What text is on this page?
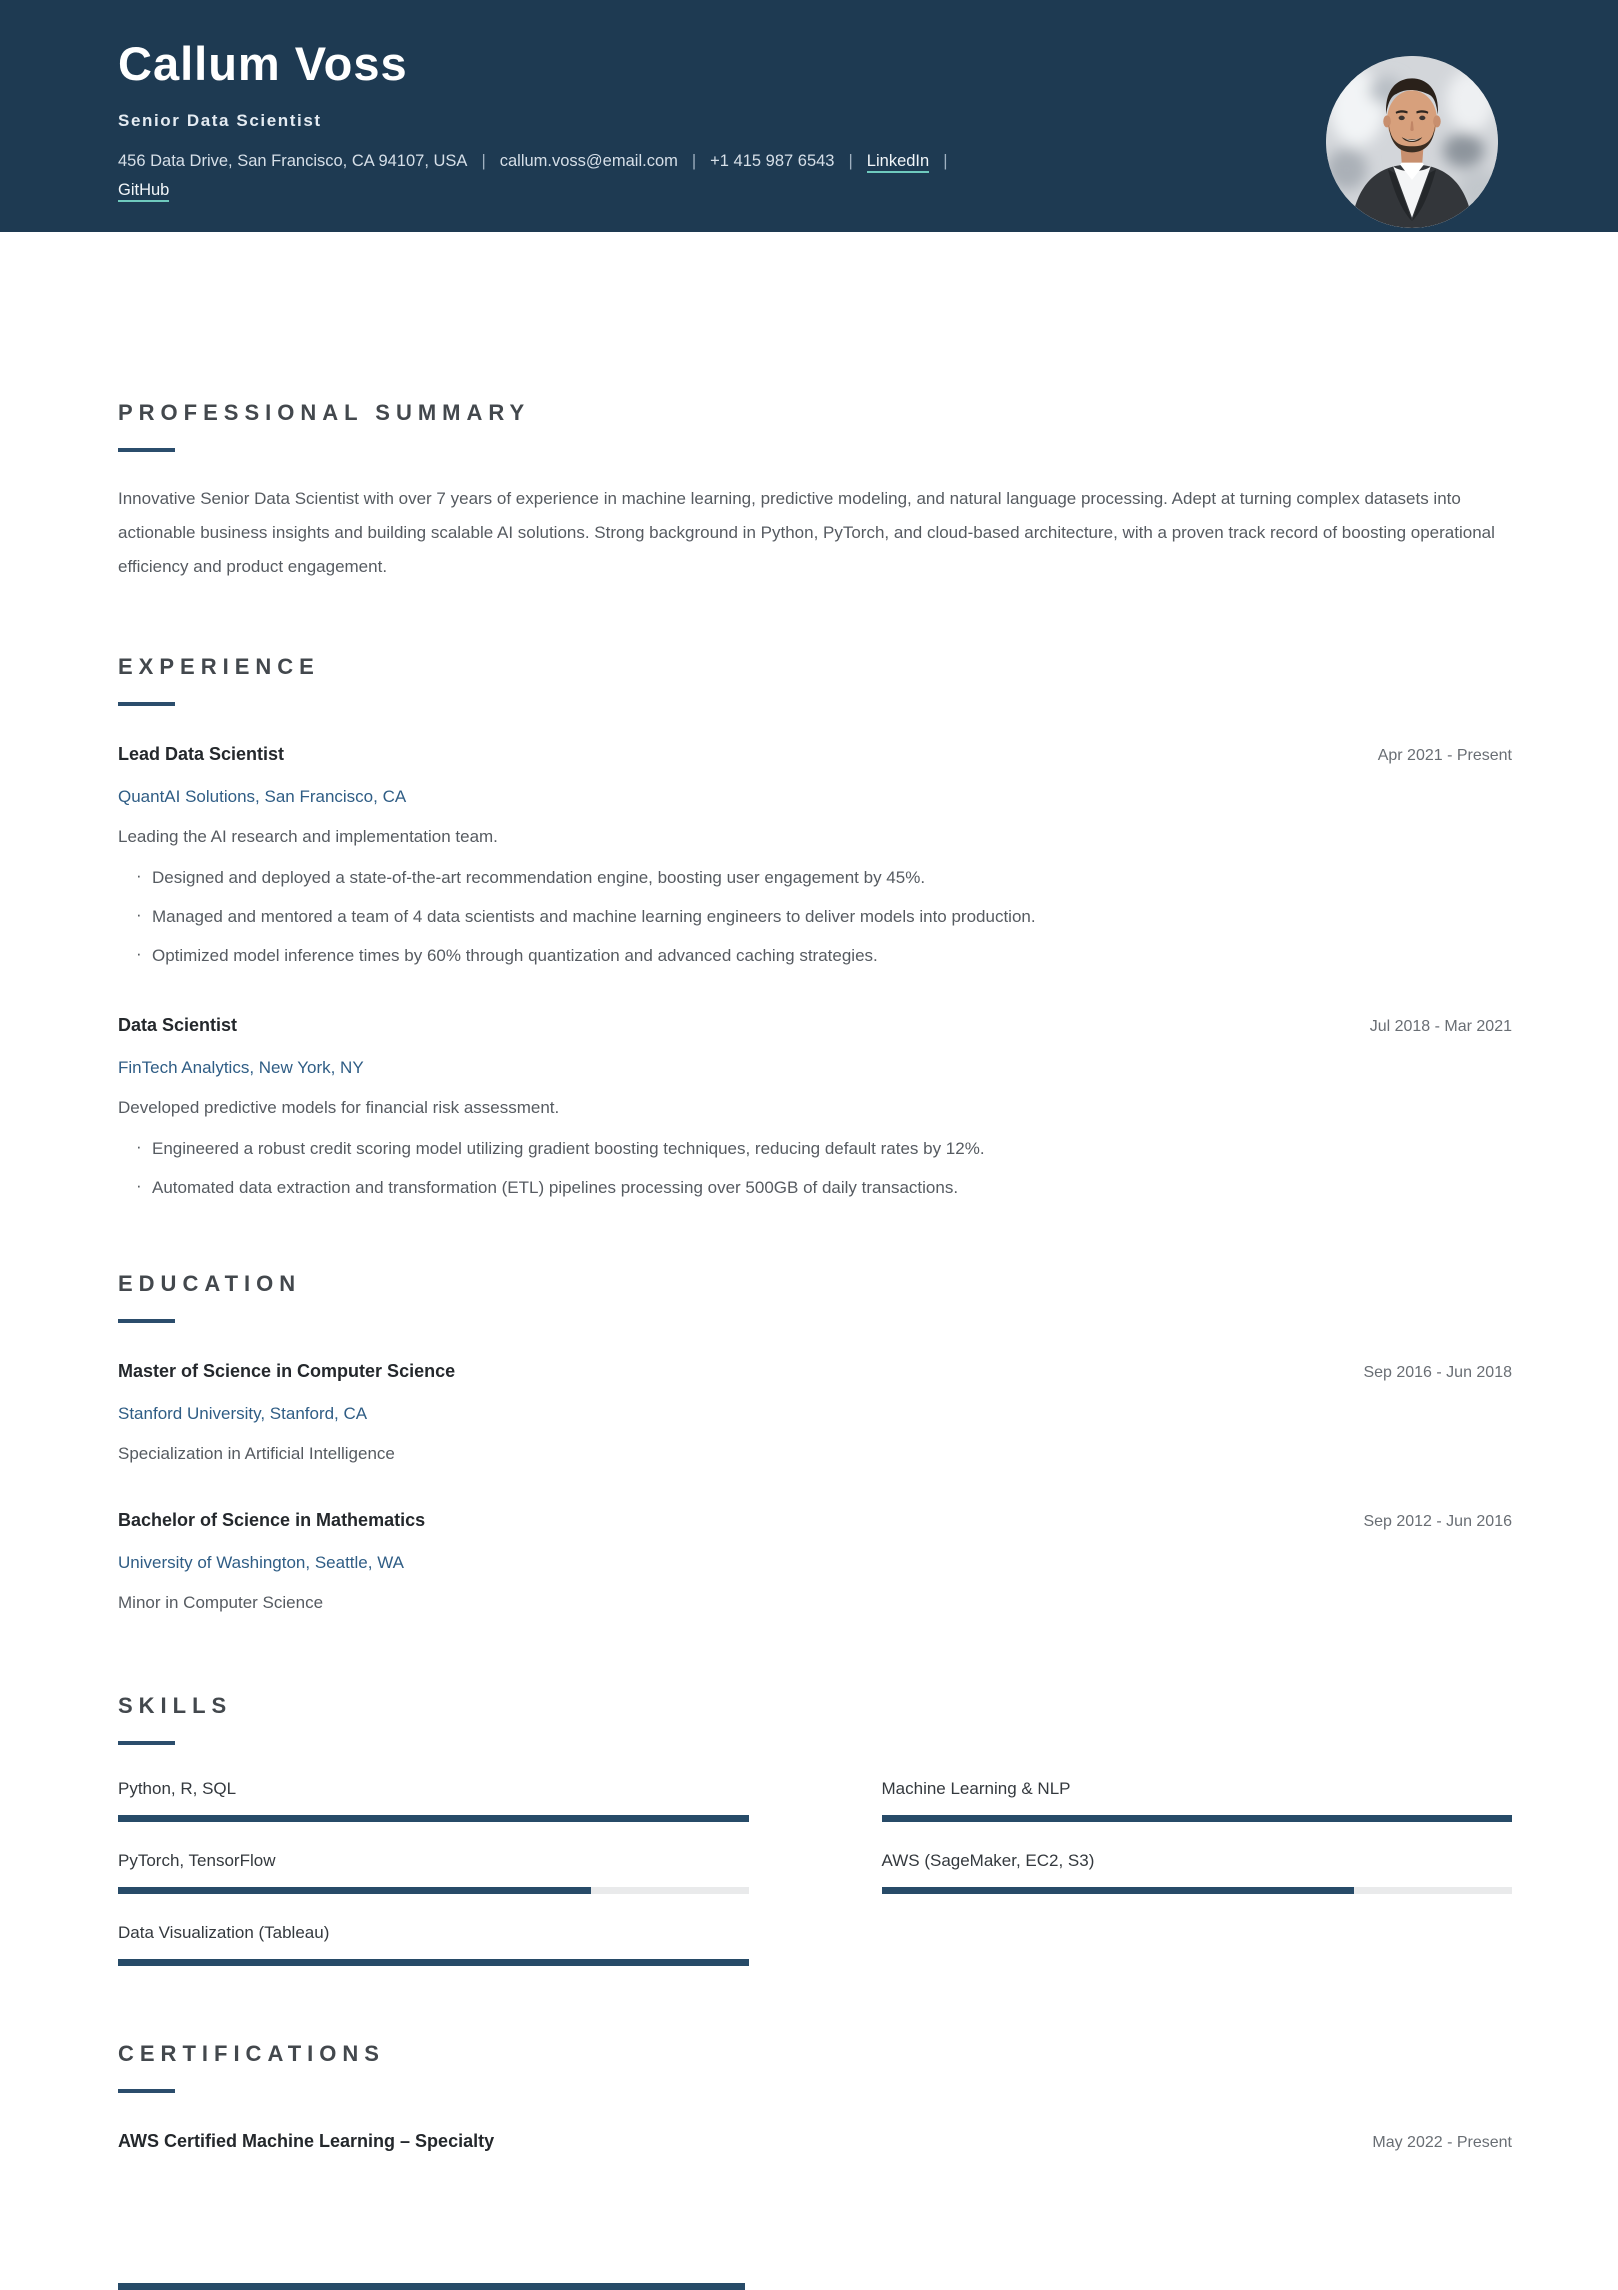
Callum Voss
Senior Data Scientist
456 Data Drive, San Francisco, CA 94107, USA | callum.voss@email.com | +1 415 987 6543 | LinkedIn |
GitHub
PROFESSIONAL SUMMARY

Innovative Senior Data Scientist with over 7 years of experience in machine learning, predictive modeling, and natural language processing. Adept at turning complex datasets into actionable business insights and building scalable AI solutions. Strong background in Python, PyTorch, and cloud-based architecture, with a proven track record of boosting operational efficiency and product engagement.

EXPERIENCE
Lead Data Scientist	Apr 2021 - Present
QuantAI Solutions, San Francisco, CA
Leading the AI research and implementation team.
· Designed and deployed a state-of-the-art recommendation engine, boosting user engagement by 45%.
· Managed and mentored a team of 4 data scientists and machine learning engineers to deliver models into production.
· Optimized model inference times by 60% through quantization and advanced caching strategies.
Data Scientist	Jul 2018 - Mar 2021
FinTech Analytics, New York, NY
Developed predictive models for financial risk assessment.
· Engineered a robust credit scoring model utilizing gradient boosting techniques, reducing default rates by 12%.
· Automated data extraction and transformation (ETL) pipelines processing over 500GB of daily transactions.
EDUCATION
Master of Science in Computer Science	Sep 2016 - Jun 2018
Stanford University, Stanford, CA
Specialization in Artificial Intelligence
Bachelor of Science in Mathematics	Sep 2012 - Jun 2016
University of Washington, Seattle, WA
Minor in Computer Science
SKILLS
Python, R, SQL	Machine Learning & NLP
PyTorch, TensorFlow	AWS (SageMaker, EC2, S3)
Data Visualization (Tableau)
CERTIFICATIONS
AWS Certified Machine Learning – Specialty	May 2022 - Present
